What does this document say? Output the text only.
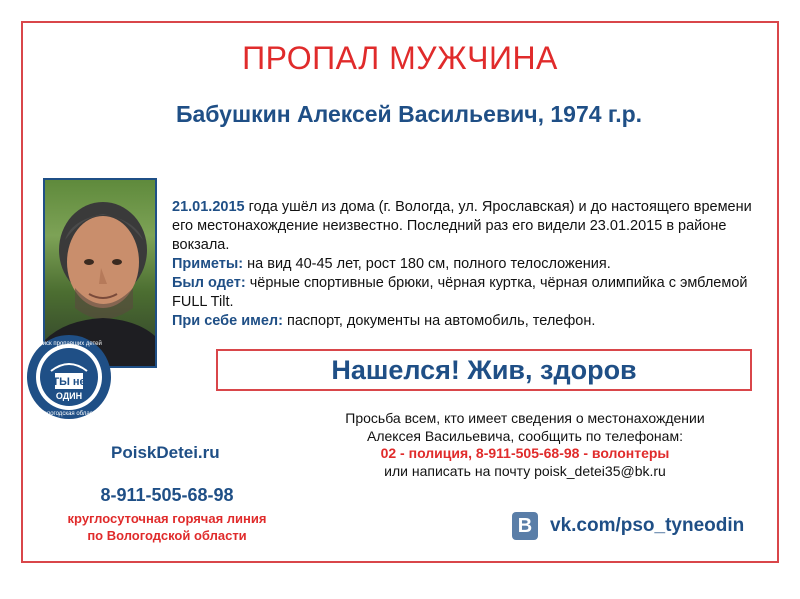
ПРОПАЛ МУЖЧИНА
Бабушкин Алексей Васильевич, 1974 г.р.

21.01.2015 года ушёл из дома (г. Вологда, ул. Ярославская) и до настоящего времени его местонахождение неизвестно. Последний раз его видели 23.01.2015 в районе вокзала.

Приметы: на вид 40-45 лет, рост 180 см, полного телосложения.

Был одет: чёрные спортивные брюки, чёрная куртка, чёрная олимпийка с эмблемой FULL Tilt.

При себе имел: паспорт, документы на автомобиль, телефон.

Нашелся! Жив, здоров
ТЫ не
ОДИН
поиск пропавших детей
Вологодская область	Просьба всем, кто имеет сведения о местонахождении
Алексея Васильевича, сообщить по телефонам:
02 - полиция, 8-911-505-68-98 - волонтеры
или написать на почту poisk_detei35@bk.ru
PoiskDetei.ru
8-911-505-68-98
круглосуточная горячая линия
по Вологодской области	B vk.com/pso_tyneodin
